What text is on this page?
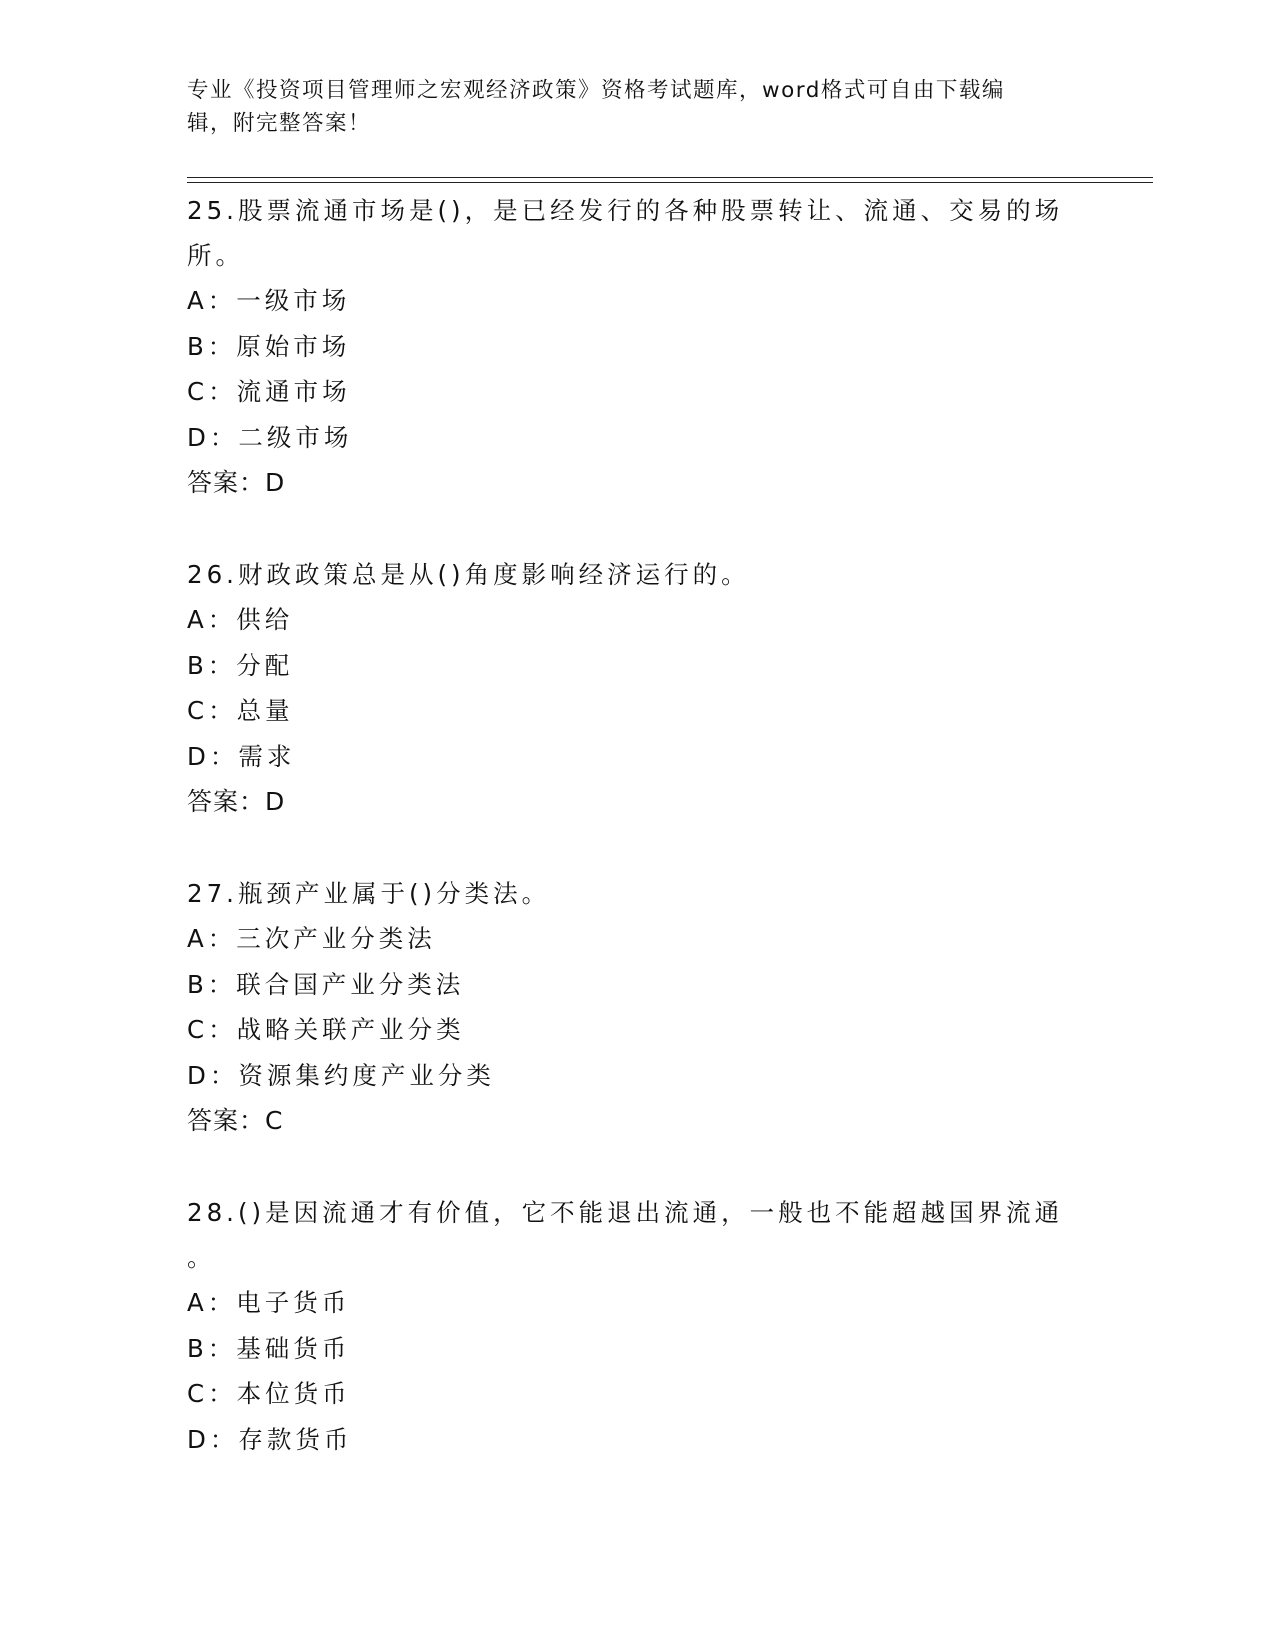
专业《投资项目管理师之宏观经济政策》资格考试题库，word格式可自由下载编
辑，附完整答案！

25.股票流通市场是()，是已经发行的各种股票转让、流通、交易的场

所。

A：一级市场

B：原始市场

C：流通市场

D：二级市场

答案：D

26.财政政策总是从()角度影响经济运行的。

A：供给

B：分配

C：总量

D：需求

答案：D

27.瓶颈产业属于()分类法。

A：三次产业分类法

B：联合国产业分类法

C：战略关联产业分类

D：资源集约度产业分类

答案：C

28.()是因流通才有价值，它不能退出流通，一般也不能超越国界流通

。

A：电子货币

B：基础货币

C：本位货币

D：存款货币
